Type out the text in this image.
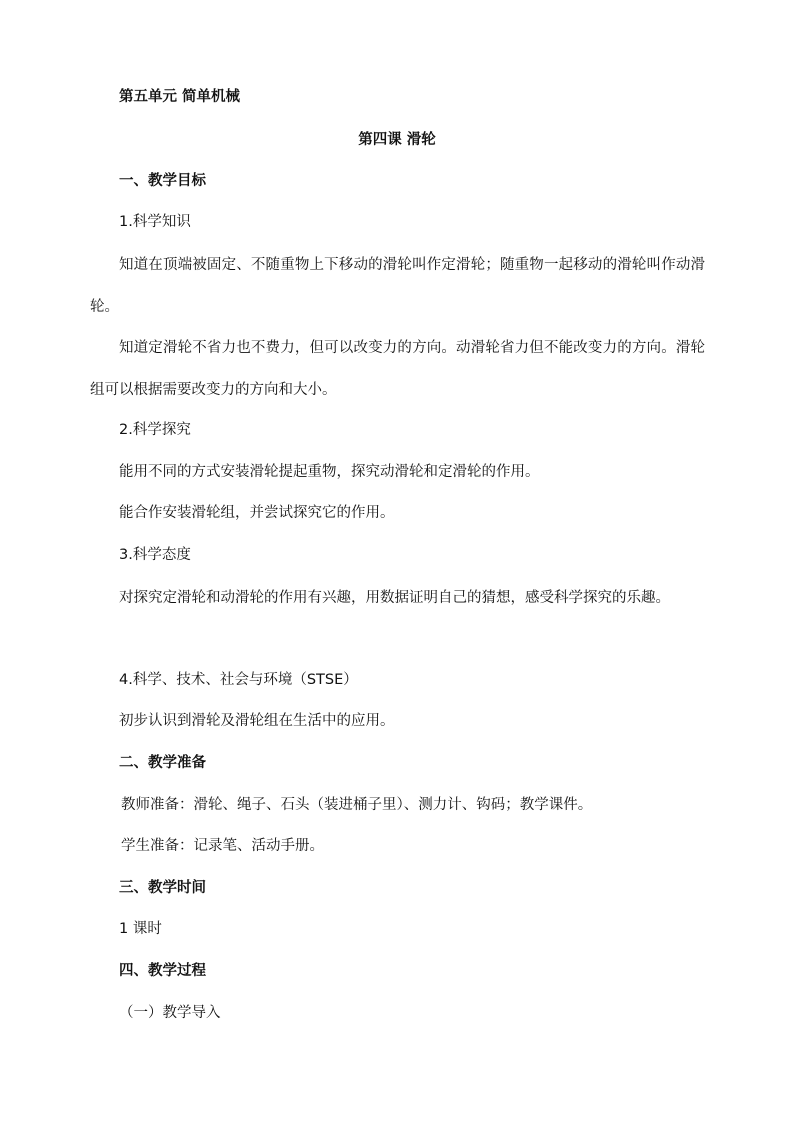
第五单元 简单机械
第四课 滑轮
一、教学目标
1.科学知识
知道在顶端被固定、不随重物上下移动的滑轮叫作定滑轮；随重物一起移动的滑轮叫作动滑轮。
知道定滑轮不省力也不费力，但可以改变力的方向。动滑轮省力但不能改变力的方向。滑轮组可以根据需要改变力的方向和大小。
2.科学探究
能用不同的方式安装滑轮提起重物，探究动滑轮和定滑轮的作用。
能合作安装滑轮组，并尝试探究它的作用。
3.科学态度
对探究定滑轮和动滑轮的作用有兴趣，用数据证明自己的猜想，感受科学探究的乐趣。
4.科学、技术、社会与环境（STSE）
初步认识到滑轮及滑轮组在生活中的应用。
二、教学准备
教师准备：滑轮、绳子、石头（装进桶子里）、测力计、钩码；教学课件。
学生准备：记录笔、活动手册。
三、教学时间
1 课时
四、教学过程
（一）教学导入
